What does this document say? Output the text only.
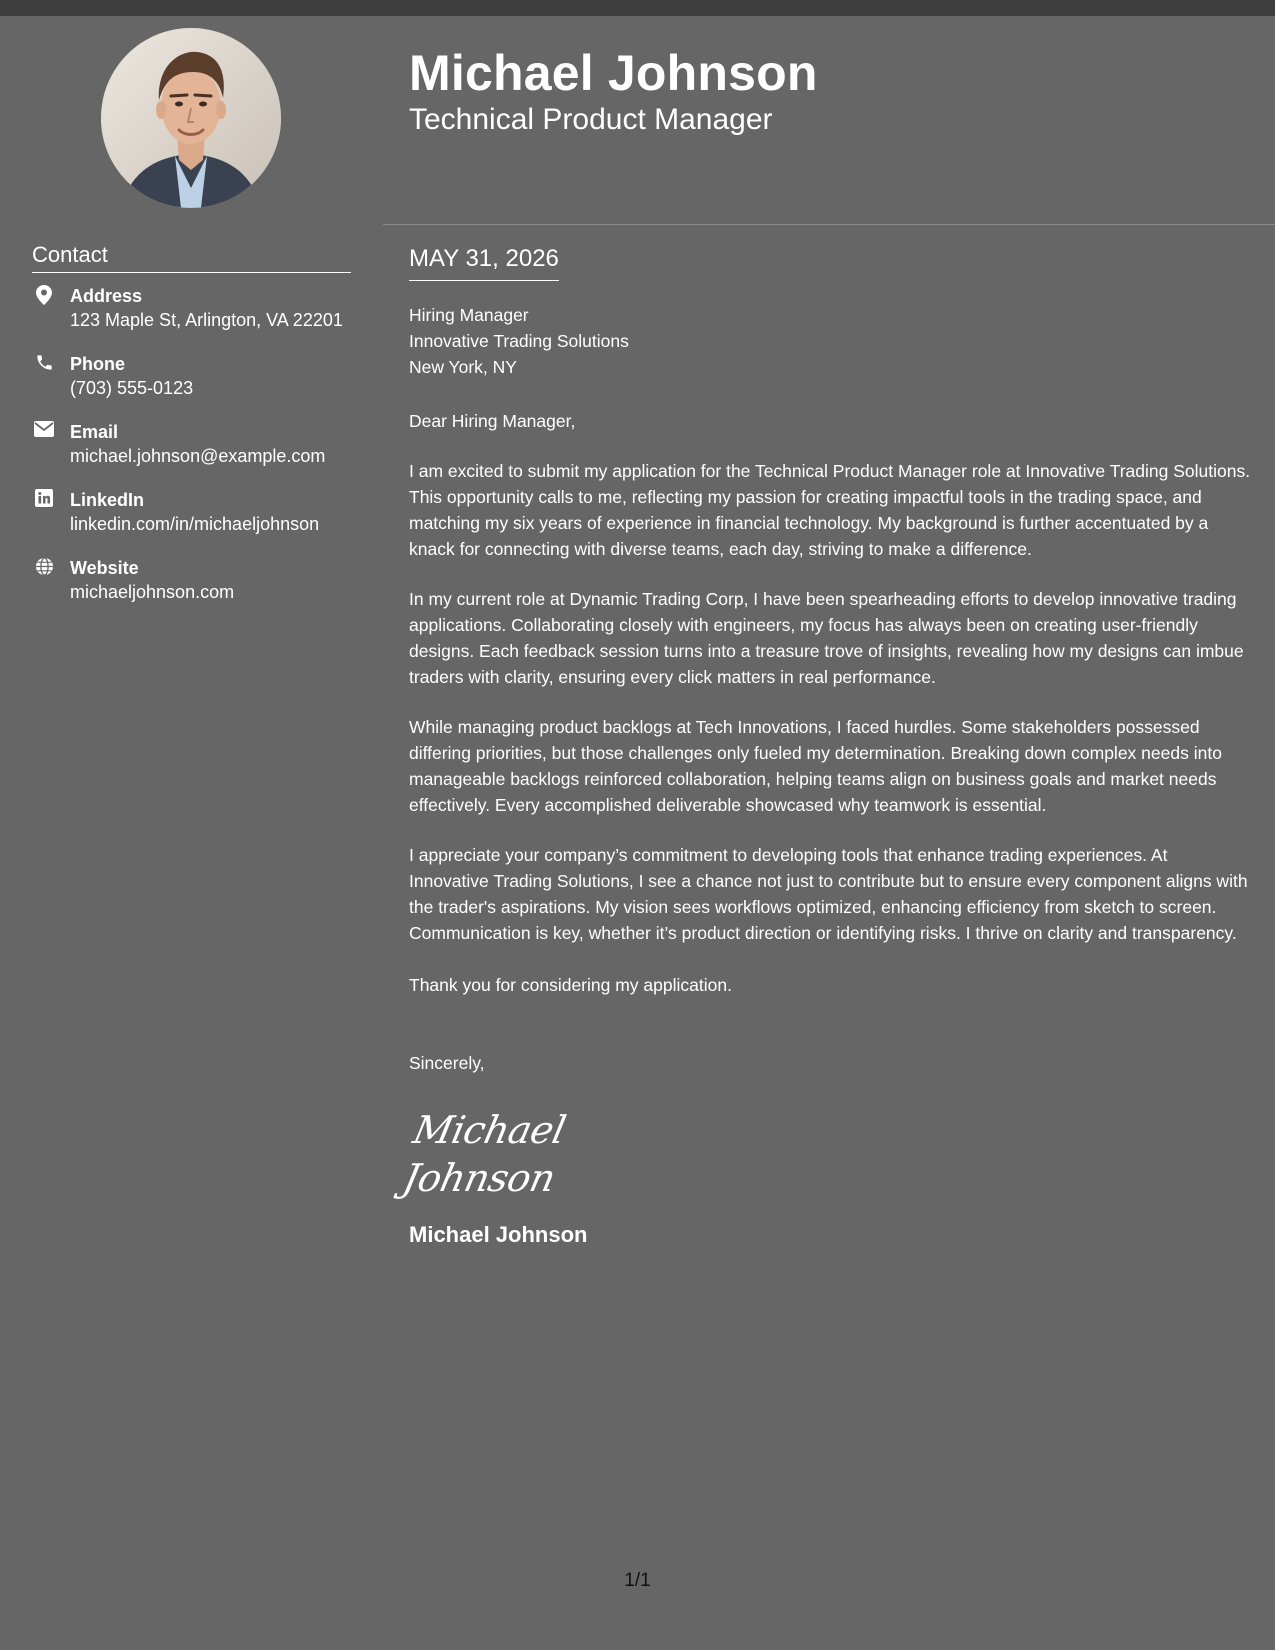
Contact
Address
123 Maple St, Arlington, VA 22201
Phone
(703) 555-0123
Email
michael.johnson@example.com
LinkedIn
linkedin.com/in/michaeljohnson
Website
michaeljohnson.com
Michael Johnson
Technical Product Manager
MAY 31, 2026
Hiring Manager
Innovative Trading Solutions
New York, NY
Dear Hiring Manager,
I am excited to submit my application for the Technical Product Manager role at Innovative Trading Solutions. This opportunity calls to me, reflecting my passion for creating impactful tools in the trading space, and matching my six years of experience in financial technology. My background is further accentuated by a knack for connecting with diverse teams, each day, striving to make a difference.
In my current role at Dynamic Trading Corp, I have been spearheading efforts to develop innovative trading applications. Collaborating closely with engineers, my focus has always been on creating user-friendly designs. Each feedback session turns into a treasure trove of insights, revealing how my designs can imbue traders with clarity, ensuring every click matters in real performance.
While managing product backlogs at Tech Innovations, I faced hurdles. Some stakeholders possessed differing priorities, but those challenges only fueled my determination. Breaking down complex needs into manageable backlogs reinforced collaboration, helping teams align on business goals and market needs effectively. Every accomplished deliverable showcased why teamwork is essential.
I appreciate your company’s commitment to developing tools that enhance trading experiences. At Innovative Trading Solutions, I see a chance not just to contribute but to ensure every component aligns with the trader's aspirations. My vision sees workflows optimized, enhancing efficiency from sketch to screen. Communication is key, whether it’s product direction or identifying risks. I thrive on clarity and transparency.
Thank you for considering my application.
Sincerely,
Michael Johnson
Michael Johnson
1/1
